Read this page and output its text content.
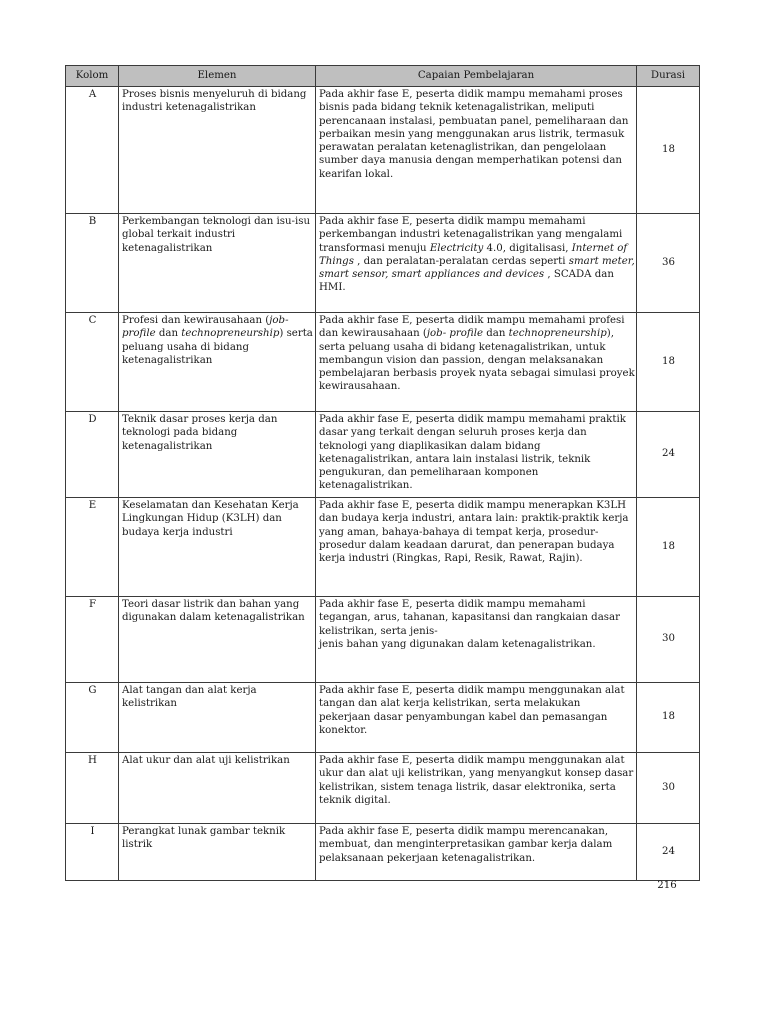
Kolom	Elemen	Capaian Pembelajaran	Durasi
A	Proses bisnis menyeluruh di bidang industri ketenagalistrikan	Pada akhir fase E, peserta didik mampu memahami proses bisnis pada bidang teknik ketenagalistrikan, meliputi perencanaan instalasi, pembuatan panel, pemeliharaan dan perbaikan mesin yang menggunakan arus listrik, termasuk perawatan peralatan ketenaglistrikan, dan pengelolaan sumber daya manusia dengan memperhatikan potensi dan kearifan lokal.	18
B	Perkembangan teknologi dan isu-isu global terkait industri ketenagalistrikan	Pada akhir fase E, peserta didik mampu memahami perkembangan industri ketenagalistrikan yang mengalami transformasi menuju Electricity 4.0, digitalisasi, Internet of Things , dan peralatan-peralatan cerdas seperti smart meter, smart sensor, smart appliances and devices , SCADA dan HMI.	36
C	Profesi dan kewirausahaan (job-profile dan technopreneurship) serta peluang usaha di bidang ketenagalistrikan	Pada akhir fase E, peserta didik mampu memahami profesi dan kewirausahaan (job- profile dan technopreneurship), serta peluang usaha di bidang ketenagalistrikan, untuk membangun vision dan passion, dengan melaksanakan pembelajaran berbasis proyek nyata sebagai simulasi proyek kewirausahaan.	18
D	Teknik dasar proses kerja dan teknologi pada bidang ketenagalistrikan	Pada akhir fase E, peserta didik mampu memahami praktik dasar yang terkait dengan seluruh proses kerja dan teknologi yang diaplikasikan dalam bidang ketenagalistrikan, antara lain instalasi listrik, teknik pengukuran, dan pemeliharaan komponen ketenagalistrikan.	24
E	Keselamatan dan Kesehatan Kerja Lingkungan Hidup (K3LH) dan budaya kerja industri	Pada akhir fase E, peserta didik mampu menerapkan K3LH dan budaya kerja industri, antara lain: praktik-praktik kerja yang aman, bahaya-bahaya di tempat kerja, prosedur- prosedur dalam keadaan darurat, dan penerapan budaya kerja industri (Ringkas, Rapi, Resik, Rawat, Rajin).	18
F	Teori dasar listrik dan bahan yang digunakan dalam ketenagalistrikan	Pada akhir fase E, peserta didik mampu memahami tegangan, arus, tahanan, kapasitansi dan rangkaian dasar kelistrikan, serta jenis-
jenis bahan yang digunakan dalam ketenagalistrikan.	30
G	Alat tangan dan alat kerja kelistrikan	Pada akhir fase E, peserta didik mampu menggunakan alat tangan dan alat kerja kelistrikan, serta melakukan pekerjaan dasar penyambungan kabel dan pemasangan konektor.	18
H	Alat ukur dan alat uji kelistrikan	Pada akhir fase E, peserta didik mampu menggunakan alat ukur dan alat uji kelistrikan, yang menyangkut konsep dasar kelistrikan, sistem tenaga listrik, dasar elektronika, serta teknik digital.	30
I	Perangkat lunak gambar teknik listrik	Pada akhir fase E, peserta didik mampu merencanakan, membuat, dan menginterpretasikan gambar kerja dalam pelaksanaan pekerjaan ketenagalistrikan.	24
216
